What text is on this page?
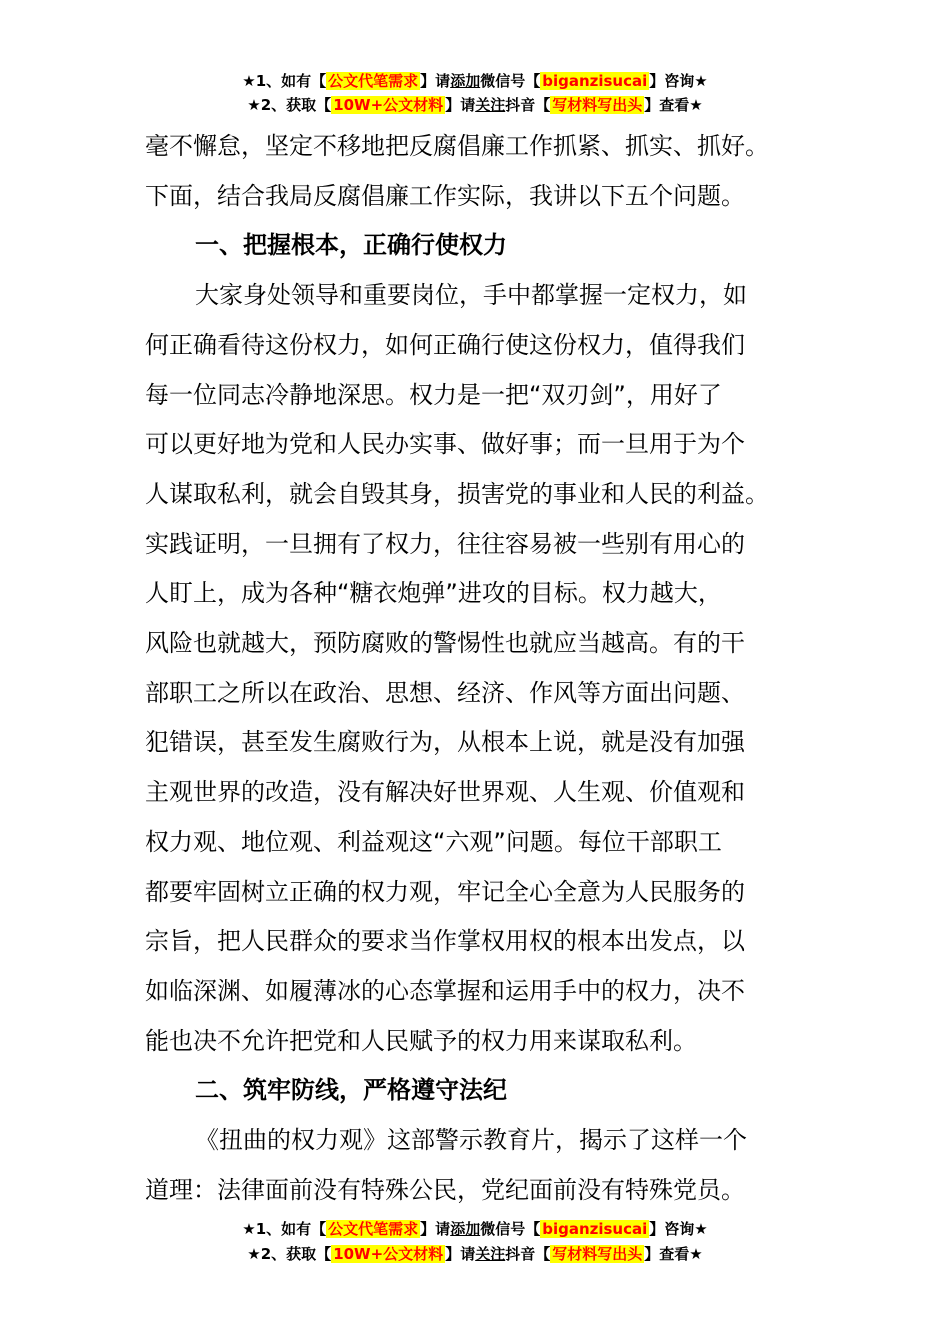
★1、如有【 公文代笔需求 】请添加微信号【 biganzisucai 】咨询★
★2、获取【 10W+公文材料 】请关注抖音【 写材料写出头 】查看★

毫不懈怠，坚定不移地把反腐倡廉工作抓紧、抓实、抓好。

下面，结合我局反腐倡廉工作实际，我讲以下五个问题。

一、把握根本，正确行使权力

大家身处领导和重要岗位，手中都掌握一定权力，如

何正确看待这份权力，如何正确行使这份权力，值得我们

每一位同志冷静地深思。权力是一把“双刃剑”，用好了

可以更好地为党和人民办实事、做好事；而一旦用于为个

人谋取私利，就会自毁其身，损害党的事业和人民的利益。

实践证明，一旦拥有了权力，往往容易被一些别有用心的

人盯上，成为各种“糖衣炮弹”进攻的目标。权力越大，

风险也就越大，预防腐败的警惕性也就应当越高。有的干

部职工之所以在政治、思想、经济、作风等方面出问题、

犯错误，甚至发生腐败行为，从根本上说，就是没有加强

主观世界的改造，没有解决好世界观、人生观、价值观和

权力观、地位观、利益观这“六观”问题。每位干部职工

都要牢固树立正确的权力观，牢记全心全意为人民服务的

宗旨，把人民群众的要求当作掌权用权的根本出发点，以

如临深渊、如履薄冰的心态掌握和运用手中的权力，决不

能也决不允许把党和人民赋予的权力用来谋取私利。

二、筑牢防线，严格遵守法纪

《扭曲的权力观》这部警示教育片，揭示了这样一个

道理：法律面前没有特殊公民，党纪面前没有特殊党员。

★1、如有【 公文代笔需求 】请添加微信号【 biganzisucai 】咨询★
★2、获取【 10W+公文材料 】请关注抖音【 写材料写出头 】查看★
